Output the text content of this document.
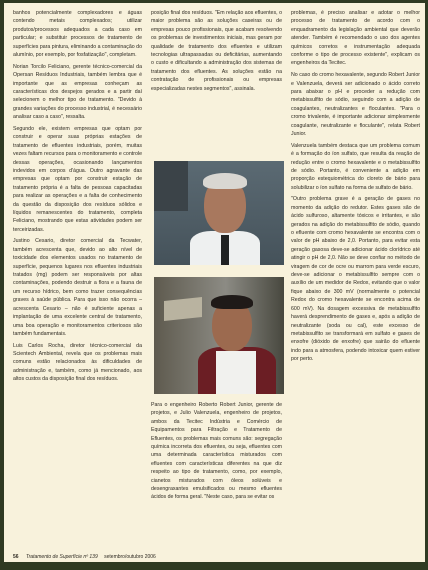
banhos potencialmente complexadores e águas contendo metais complexados; utilizar produtos/processos adequados a cada caso em particular; e substituir processos de tratamento de superfícies para pintura, eliminando a contaminação do alumínio, por exemplo, por fosfatização", completam.

Norian Torcilo Feliciano, gerente técnico-comercial da Opersan Resíduos Industriais, também lembra que é importante que as empresas conheçam as características dos despejos gerados e a partir daí selecionem o melhor tipo de tratamento. "Devido à grandes variações do processo industrial, é necessário analisar caso a caso", ressalta.

Segundo ele, existem empresas que optam por construir e operar suas próprias estações de tratamento de efluentes industriais, porém, muitas vezes faltam recursos para o monitoramento e controle dessas operações, ocasionando lançamentos indevidos em corpos d'água. Outro agravante das empresas que optam por construir estação de tratamento própria é a falta de pessoas capacitadas para realizar as operações e a falta de conhecimento da questão da disposição dos resíduos sólidos e líquidos remanescentes do tratamento, completa Feliciano, mostrando que estas atividades podem ser terceirizadas.

Justino Cesario, diretor comercial da Tecwater, também acrescenta que, devido ao alto nível de toxicidade dos elementos usados no tratamento de superfície, pequenos lugares nos efluentes industriais tratados (mg) podem ser responsáveis por altas contaminações, podendo destruir a flora e a fauna de um recurso hídrico, bem como trazer consequências graves à saúde pública. Para que isso não ocorra – acrescenta Cesario – não é suficiente apenas a implantação de uma excelente central de tratamento, uma boa operação e monitoramentos criteriosos são também fundamentais.

Luis Carlos Rocha, diretor técnico-comercial da Scientech Ambiental, revela que os problemas mais comuns estão relacionados às dificuldades de administração e, também, como já mencionado, aos altos custos da disposição final dos resíduos.

posição final dos resíduos. "Em relação aos efluentes, o maior problema são as soluções caseiras ou de empresas pouco profissionais, que acabam resolvendo os problemas de investimentos iniciais, mas geram por qualidade de tratamento dos efluentes e utilizam tecnologias ultrapassadas ou deficitárias, aumentando o custo e dificultando a administração dos sistemas de tratamento dos efluentes. As soluções estão na contratação de profissionais ou empresas especializadas nestes segmentos", assinala.

Para o engenheiro Roberto Robert Junior, gerente de projetos, e Julio Valenzuela, engenheiro de projetos, ambos da Tecitec Indústria e Comércio de Equipamentos para Filtração e Tratamento de Efluentes, os problemas mais comuns são: segregação química incorreta dos efluentes, ou seja, efluentes com uma determinada característica misturados com efluentes com características diferentes na que diz respeito ao tipo de tratamento, como, por exemplo, cianetos misturados com óleos solúveis e desengraxantes emulsificados ou mesmo efluentes ácidos de forma geral. "Neste caso, para se evitar os

problemas, é preciso analisar e adotar o melhor processo de tratamento de acordo com o enquadramento da legislação ambiental que deverão atender. Também é recomendado o uso dos agentes químicos corretos e instrumentação adequada conforme o tipo de processo existente", explicam os engenheiros da Tecitec.

No caso do cromo hexavalente, segundo Robert Junior e Valenzuela, deverá ser adicionado o ácido correto para abaixar o pH e proceder a redução com metabissulfito de sódio, seguindo com a adição de coagulantes, neutralizantes e floculantes. "Para o cromo trivalente, é importante adicionar simplesmente coagulante, neutralizante e floculante", relata Robert Junior.

Valenzuela também destaca que um problema comum é a formação do íon sulfato, que resulta da reação de redução entre o cromo hexavalente e o metabissulfito de sódio. Portanto, é conveniente a adição em proporção estequiométrica do cloreto de bário para solubilizar o íon sulfato na forma de sulfato de bário.

"Outro problema grave é a geração de gases no momento da adição do redutor. Estes gases são de ácido sulfuroso, altamente tóxicos e irritantes, e são gerados na adição do metabissulfito de sódio, quando o efluente com cromo hexavalente se encontra com o valor de pH abaixo de 2,0. Portanto, para evitar esta geração gasosa deve-se adicionar ácido clorídrico até atingir o pH de 2,0. Não se deve confiar no método de viragem de cor de ocre ou marrom para verde escuro, deve-se adicionar o metabissulfito sempre com o auxílio de um medidor de Redox, evitando que o valor fique abaixo de 300 mV (normalmente o potencial Redox do cromo hexavalente se encontra acima de 600 mV). Na dosagem excessiva de metabissulfito haverá desprendimento de gases e, após a adição de neutralizante (soda ou cal), este excesso de metabissulfito se transformará em sulfato e gases de enxofre (dióxido de enxofre) que sairão do efluente indo para a atmosfera, podendo intoxicar quem estiver por perto.

56 Tratamento de Superfície nº 139 setembro/outubro 2006
